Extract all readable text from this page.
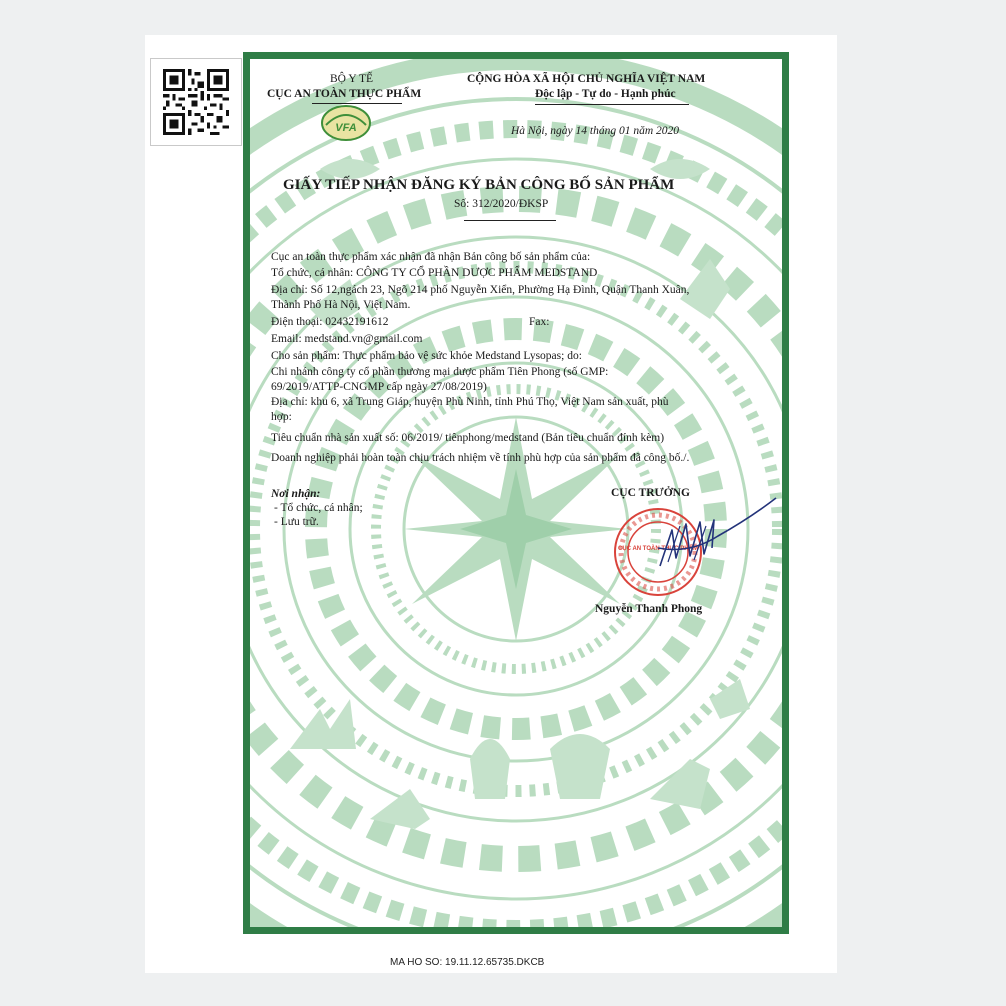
BỘ Y TẾ
CỤC AN TOÀN THỰC PHẨM
VFA
CỘNG HÒA XÃ HỘI CHỦ NGHĨA VIỆT NAM
Độc lập - Tự do - Hạnh phúc
Hà Nội, ngày 14 tháng 01 năm 2020
GIẤY TIẾP NHẬN ĐĂNG KÝ BẢN CÔNG BỐ SẢN PHẨM
Số: 312/2020/ĐKSP
Cục an toàn thực phẩm xác nhận đã nhận Bản công bố sản phẩm của:
Tổ chức, cá nhân: CÔNG TY CỔ PHẦN DƯỢC PHẨM MEDSTAND
Địa chỉ: Số 12,ngách 23, Ngõ 214 phố Nguyễn Xiển, Phường Hạ Đình, Quận Thanh Xuân,
Thành Phố Hà Nội, Việt Nam.
Điện thoại: 02432191612	Fax:
Email: medstand.vn@gmail.com
Cho sản phẩm: Thực phẩm bảo vệ sức khỏe Medstand Lysopas; do:
Chi nhánh công ty cổ phần thương mại dược phẩm Tiên Phong (số GMP:
69/2019/ATTP-CNGMP cấp ngày 27/08/2019)
Địa chỉ: khu 6, xã Trung Giáp, huyện Phù Ninh, tỉnh Phú Thọ, Việt Nam sản xuất, phù
hợp:
Tiêu chuẩn nhà sản xuất số: 06/2019/ tiênphong/medstand (Bản tiêu chuẩn đính kèm)
Doanh nghiệp phải hoàn toàn chịu trách nhiệm về tính phù hợp của sản phẩm đã công bố./.
Nơi nhận:
- Tổ chức, cá nhân;
- Lưu trữ.
CỤC TRƯỞNG
CỤC AN TOÀN THỰC PHẨM
Nguyễn Thanh Phong
MA HO SO: 19.11.12.65735.DKCB
